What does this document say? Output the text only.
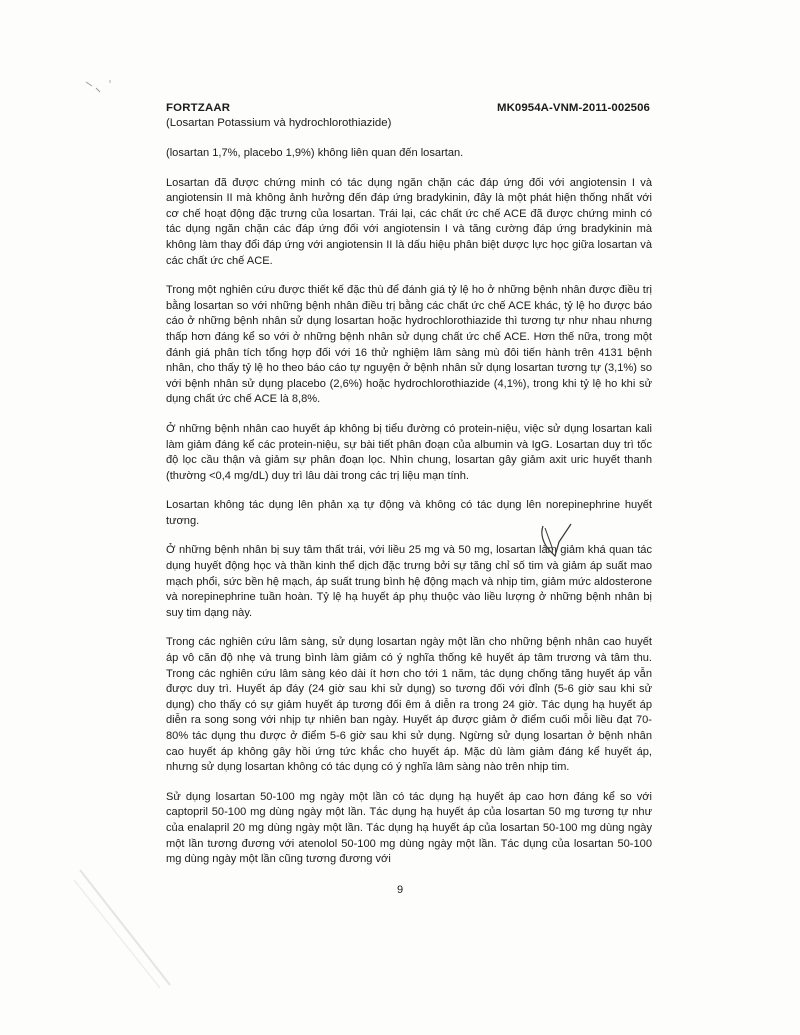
FORTZAAR	MK0954A-VNM-2011-002506
(Losartan Potassium và hydrochlorothiazide)

(losartan 1,7%, placebo 1,9%) không liên quan đến losartan.

Losartan đã được chứng minh có tác dụng ngăn chặn các đáp ứng đối với angiotensin I và angiotensin II mà không ảnh hưởng đến đáp ứng bradykinin, đây là một phát hiện thống nhất với cơ chế hoạt động đặc trưng của losartan. Trái lại, các chất ức chế ACE đã được chứng minh có tác dụng ngăn chặn các đáp ứng đối với angiotensin I và tăng cường đáp ứng bradykinin mà không làm thay đổi đáp ứng với angiotensin II là dấu hiệu phân biệt dược lực học giữa losartan và các chất ức chế ACE.

Trong một nghiên cứu được thiết kế đặc thù để đánh giá tỷ lệ ho ở những bệnh nhân được điều trị bằng losartan so với những bệnh nhân điều trị bằng các chất ức chế ACE khác, tỷ lệ ho được báo cáo ở những bệnh nhân sử dụng losartan hoặc hydrochlorothiazide thì tương tự như nhau nhưng thấp hơn đáng kể so với ở những bệnh nhân sử dụng chất ức chế ACE. Hơn thế nữa, trong một đánh giá phân tích tổng hợp đối với 16 thử nghiệm lâm sàng mù đôi tiến hành trên 4131 bệnh nhân, cho thấy tỷ lệ ho theo báo cáo tự nguyện ở bệnh nhân sử dụng losartan tương tự (3,1%) so với bệnh nhân sử dụng placebo (2,6%) hoặc hydrochlorothiazide (4,1%), trong khi tỷ lệ ho khi sử dụng chất ức chế ACE là 8,8%.

Ở những bệnh nhân cao huyết áp không bị tiểu đường có protein-niệu, việc sử dụng losartan kali làm giảm đáng kể các protein-niệu, sự bài tiết phân đoạn của albumin và IgG. Losartan duy trì tốc độ lọc cầu thận và giảm sự phân đoạn lọc. Nhìn chung, losartan gây giảm axit uric huyết thanh (thường <0,4 mg/dL) duy trì lâu dài trong các trị liệu mạn tính.

Losartan không tác dụng lên phản xạ tự động và không có tác dụng lên norepinephrine huyết tương.

Ở những bệnh nhân bị suy tâm thất trái, với liều 25 mg và 50 mg, losartan làm giảm khá quan tác dụng huyết động học và thần kinh thể dịch đặc trưng bởi sự tăng chỉ số tim và giảm áp suất mao mạch phổi, sức bền hệ mạch, áp suất trung bình hệ động mạch và nhịp tim, giảm mức aldosterone và norepinephrine tuần hoàn. Tỷ lệ hạ huyết áp phụ thuộc vào liều lượng ở những bệnh nhân bị suy tim dạng này.

Trong các nghiên cứu lâm sàng, sử dụng losartan ngày một lần cho những bệnh nhân cao huyết áp vô căn độ nhẹ và trung bình làm giảm có ý nghĩa thống kê huyết áp tâm trương và tâm thu. Trong các nghiên cứu lâm sàng kéo dài ít hơn cho tới 1 năm, tác dụng chống tăng huyết áp vẫn được duy trì. Huyết áp đáy (24 giờ sau khi sử dụng) so tương đối với đỉnh (5-6 giờ sau khi sử dụng) cho thấy có sự giảm huyết áp tương đối êm ả diễn ra trong 24 giờ. Tác dụng hạ huyết áp diễn ra song song với nhịp tự nhiên ban ngày. Huyết áp được giảm ở điểm cuối mỗi liều đạt 70-80% tác dụng thu được ở điểm 5-6 giờ sau khi sử dụng. Ngừng sử dụng losartan ở bệnh nhân cao huyết áp không gây hồi ứng tức khắc cho huyết áp. Mặc dù làm giảm đáng kể huyết áp, nhưng sử dụng losartan không có tác dụng có ý nghĩa lâm sàng nào trên nhịp tim.

Sử dụng losartan 50-100 mg ngày một lần có tác dụng hạ huyết áp cao hơn đáng kể so với captopril 50-100 mg dùng ngày một lần. Tác dụng hạ huyết áp của losartan 50 mg tương tự như của enalapril 20 mg dùng ngày một lần. Tác dụng hạ huyết áp của losartan 50-100 mg dùng ngày một lần tương đương với atenolol 50-100 mg dùng ngày một lần. Tác dụng của losartan 50-100 mg dùng ngày một lần cũng tương đương với

9
